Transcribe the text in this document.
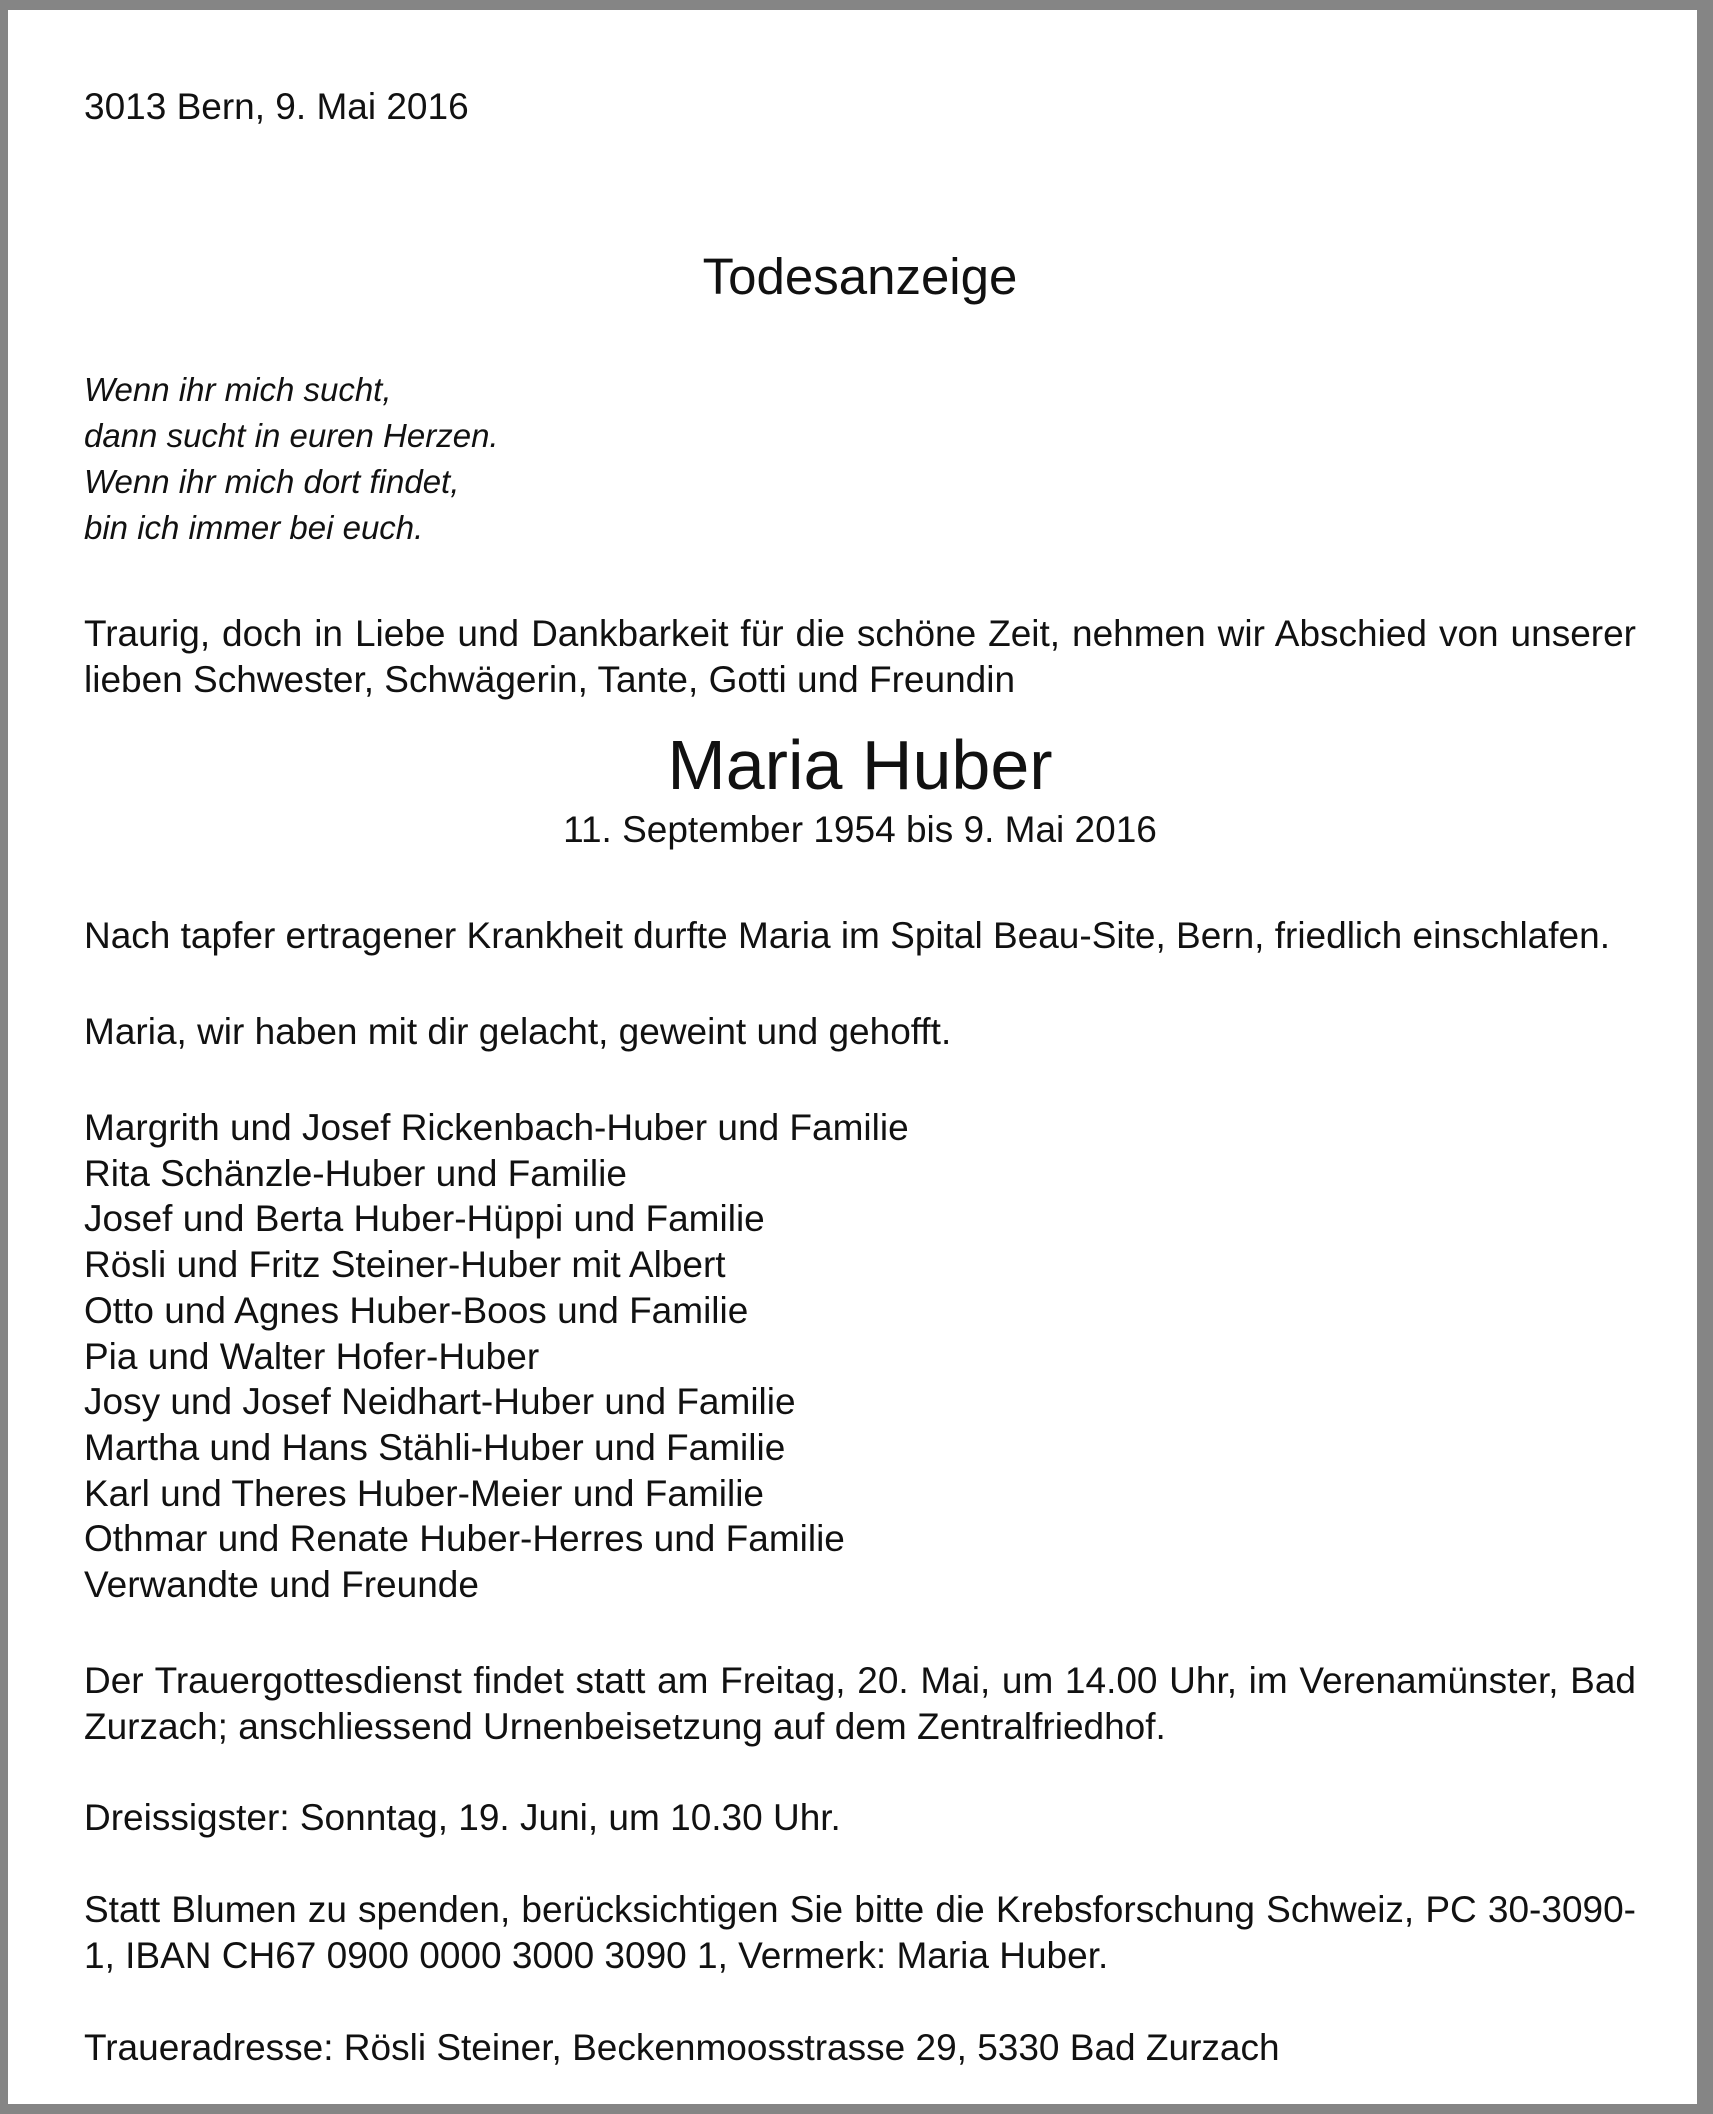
3013 Bern, 9. Mai 2016

Todesanzeige
Wenn ihr mich sucht,
dann sucht in euren Herzen.
Wenn ihr mich dort findet,
bin ich immer bei euch.

Traurig, doch in Liebe und Dankbarkeit für die schöne Zeit, nehmen wir Abschied von unserer lieben Schwester, Schwägerin, Tante, Gotti und Freundin

Maria Huber

11. September 1954 bis 9. Mai 2016

Nach tapfer ertragener Krankheit durfte Maria im Spital Beau-Site, Bern, friedlich einschlafen.

Maria, wir haben mit dir gelacht, geweint und gehofft.

Margrith und Josef Rickenbach-Huber und Familie
Rita Schänzle-Huber und Familie
Josef und Berta Huber-Hüppi und Familie
Rösli und Fritz Steiner-Huber mit Albert
Otto und Agnes Huber-Boos und Familie
Pia und Walter Hofer-Huber
Josy und Josef Neidhart-Huber und Familie
Martha und Hans Stähli-Huber und Familie
Karl und Theres Huber-Meier und Familie
Othmar und Renate Huber-Herres und Familie
Verwandte und Freunde

Der Trauergottesdienst findet statt am Freitag, 20. Mai, um 14.00 Uhr, im Verenamünster, Bad Zurzach; anschliessend Urnenbeisetzung auf dem Zentralfriedhof.

Dreissigster: Sonntag, 19. Juni, um 10.30 Uhr.

Statt Blumen zu spenden, berücksichtigen Sie bitte die Krebsforschung Schweiz, PC 30-3090-1, IBAN CH67 0900 0000 3000 3090 1, Vermerk: Maria Huber.

Traueradresse: Rösli Steiner, Beckenmoosstrasse 29, 5330 Bad Zurzach
